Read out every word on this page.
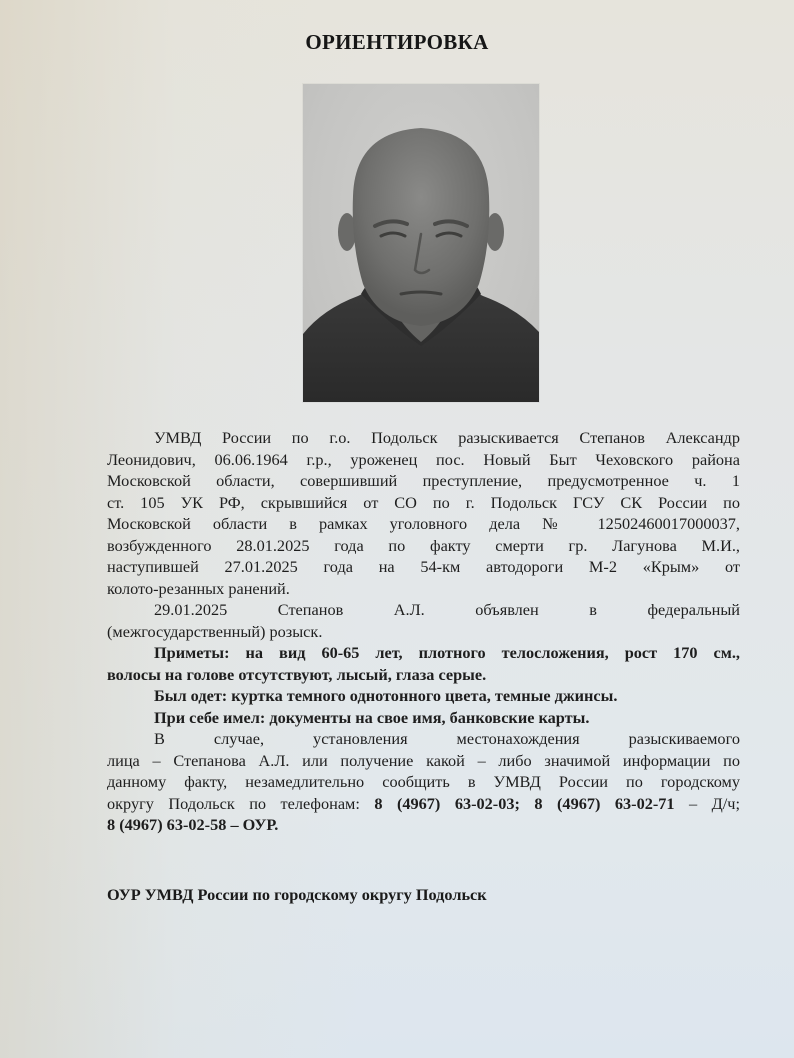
ОРИЕНТИРОВКА
УМВД России по г.о. Подольск разыскивается Степанов Александр
Леонидович, 06.06.1964 г.р., уроженец пос. Новый Быт Чеховского района
Московской области, совершивший преступление, предусмотренное ч. 1
ст. 105 УК РФ, скрывшийся от СО по г. Подольск ГСУ СК России по
Московской области в рамках уголовного дела № 12502460017000037,
возбужденного 28.01.2025 года по факту смерти гр. Лагунова М.И.,
наступившей 27.01.2025 года на 54-км автодороги М-2 «Крым» от
колото-резанных ранений.
29.01.2025 Степанов А.Л. объявлен в федеральный
(межгосударственный) розыск.
Приметы: на вид 60-65 лет, плотного телосложения, рост 170 см.,
волосы на голове отсутствуют, лысый, глаза серые.
Был одет: куртка темного однотонного цвета, темные джинсы.
При себе имел: документы на свое имя, банковские карты.
В случае, установления местонахождения разыскиваемого
лица – Степанова А.Л. или получение какой – либо значимой информации по
данному факту, незамедлительно сообщить в УМВД России по городскому
округу Подольск по телефонам: 8 (4967) 63-02-03; 8 (4967) 63-02-71 – Д/ч;
8 (4967) 63-02-58 – ОУР.
ОУР УМВД России по городскому округу Подольск
